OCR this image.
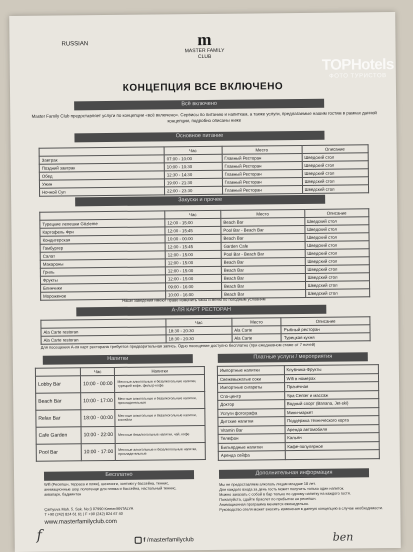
TOPHotels
ФОТО ТУРИСТОВ
RUSSIAN	m
MASTER FAMILY
CLUB
КОНЦЕПЦИЯ ВСЕ ВКЛЮЧЕНО
Всё включено
Master Family Club предоставляет услуги по концепции «всё включено». Сервисы по питанию и напиткам, а также услуги, предлагаемые нашим гостям в рамках данной концепции, подробно описаны ниже
Основное питание
	Час	Место	Описание
Завтрак	07:00 - 10:00	Главный Ресторан	Шведский стол
Поздний завтрак	10:00 - 10:30	Главный Ресторан	Шведский стол
Обед	12:30 - 14:30	Главный Ресторан	Шведский стол
Ужин	19:00 - 21:30	Главный Ресторан	Шведский стол
Ночной Суп	22:00 - 23:30	Главный Ресторан	Шведский стол
Закуски и прочее
	Час	Место	Описание
Турецкие лепешки Gözleme	12:00 - 15:00	Beach Bar	Шведский стол
Картофель Фри	12:00 - 15:45	Pool Bar - Beach Bar	Шведский стол
Кондитерская	10:00 - 00:00	Beach Bar	Шведский стол
Гамбургер	12:00 - 15:45	Garden Cafe	Шведский стол
Салат	12:00 - 15:00	Pool Bar - Beach Bar	Шведский стол
Макароны	12:00 - 15:00	Beach Bar	Шведский стол
Гриль	12:00 - 15:00	Beach Bar	Шведский стол
Фрукты	12:00 - 15:00	Beach Bar	Шведский стол
Блинчики	09:00 - 16:00	Beach Bar	Шведский стол
Мороженое	10:00 - 16:00	Beach Bar	Шведский стол
Наши заведения имеют право изменить часы и меню по погодным условиям
А-ЛЯ КАРТ РЕСТОРАН
	Час	Место	Описание
Ala Carte restoran	18:30 - 20:30	Ala Carte	Рыбный ресторан
Ala Carte restoran	18:30 - 20:30	Ala Carte	Турецкая кухня
Для посещения А-ля карт ресторана требуется предварительная запись. Одно посещение доступно бесплатно (при ежедневном стаже от 7 ночей)
Напитки
	Час	Напитки
Lobby Bar	10:00 - 00:00	Местные алкогольные и безалкогольные напитки, турецкий кофе, фильтр-кофе
Beach Bar	10:00 - 17:00	Местные алкогольные и безалкогольные напитки, прохладительные
Relax Bar	18:00 - 00:00	Местные алкогольные и безалкогольные напитки, коктейли
Cafe Garden	10:00 - 22:00	Местные безалкогольные напитки, чай, кофе
Pool Bar	10:00 - 17:00	Местные алкогольные и безалкогольные напитки, прохладительные
Платные услуги / мероприятия
Импортные напитки	Клубника-Фрукты
Свежевыжатые соки	Wifi в номерах
Импортные сигареты	Прачечная
Спа-центр	Spa Center и массаж
Доктор	Водный спорт (Banana, Jet-ski)
Услуги фотографа	Мини-маркет
Дитские напитки	Поддержка технического корта
Vitamin Bar	Аренда автомобиля
Телефон	Кальян
Бильярдные напитки	Кафе-популярное
Аренда сейфа	
Бесплатно
Wifi (Ресепшн, терраса и пляж), шезлонги, зонтики у бассейна, теннис,
анимационные шоу, полотенце для пляжа и бассейна, настольный теннис,
аквапарк, бадминтон
Çamyuva Mah. 5. Sok. No:3 07990 Kemer/ANTALYA
T +90 (242) 824 61 61 | F +90 (242) 824 67 40
www.masterfamilyclub.com
f /masterfamilyclub
Дополнительная информация
Мы не предоставляем алкоголь лицам младше 18 лет.
Для каждого входа за день гость может получить только один напиток.
Можно заказать с собой в бар только по одному напитку на каждого гостя.
Пожалуйста, сдайте браслет по прибытии на ресепшн.
Анимационная программа меняется еженедельно.
Руководство отеля может вносить изменения в данную концепцию в случае необходимости.
f	ben
